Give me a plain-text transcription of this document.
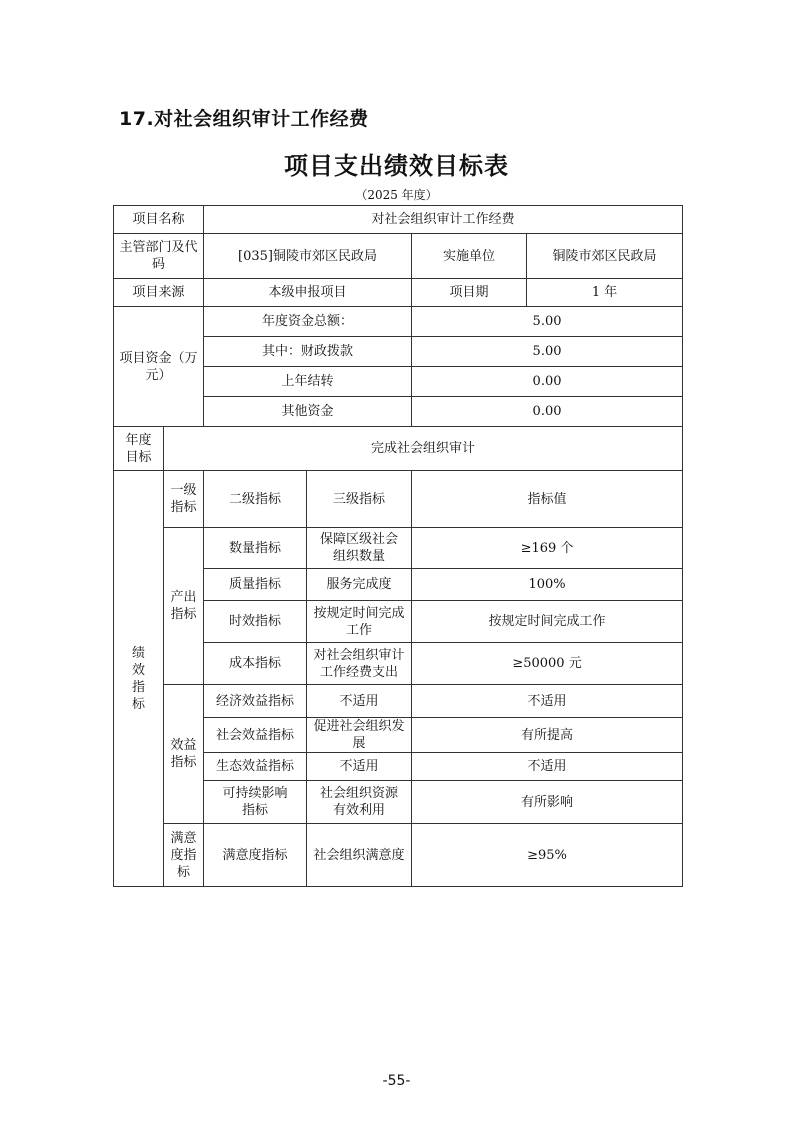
17.对社会组织审计工作经费
项目支出绩效目标表
（2025 年度）
项目名称		对社会组织审计工作经费			
主管部门及代码		[035]铜陵市郊区民政局		实施单位	铜陵市郊区民政局
项目来源		本级申报项目		项目期	1 年
项目资金（万元）		年度资金总额：		5.00	
		其中：财政拨款		5.00	
		上年结转		0.00	
		其他资金		0.00	
年度目标	完成社会组织审计				
绩效指标	一级指标	二级指标	三级指标	指标值	
	产出指标	数量指标	保障区级社会组织数量	≥169 个	
		质量指标	服务完成度	100%	
		时效指标	按规定时间完成工作	按规定时间完成工作	
		成本指标	对社会组织审计工作经费支出	≥50000 元	
	效益指标	经济效益指标	不适用	不适用	
		社会效益指标	促进社会组织发展	有所提高	
		生态效益指标	不适用	不适用	
		可持续影响指标	社会组织资源有效利用	有所影响	
	满意度指标	满意度指标	社会组织满意度	≥95%	
-55-
